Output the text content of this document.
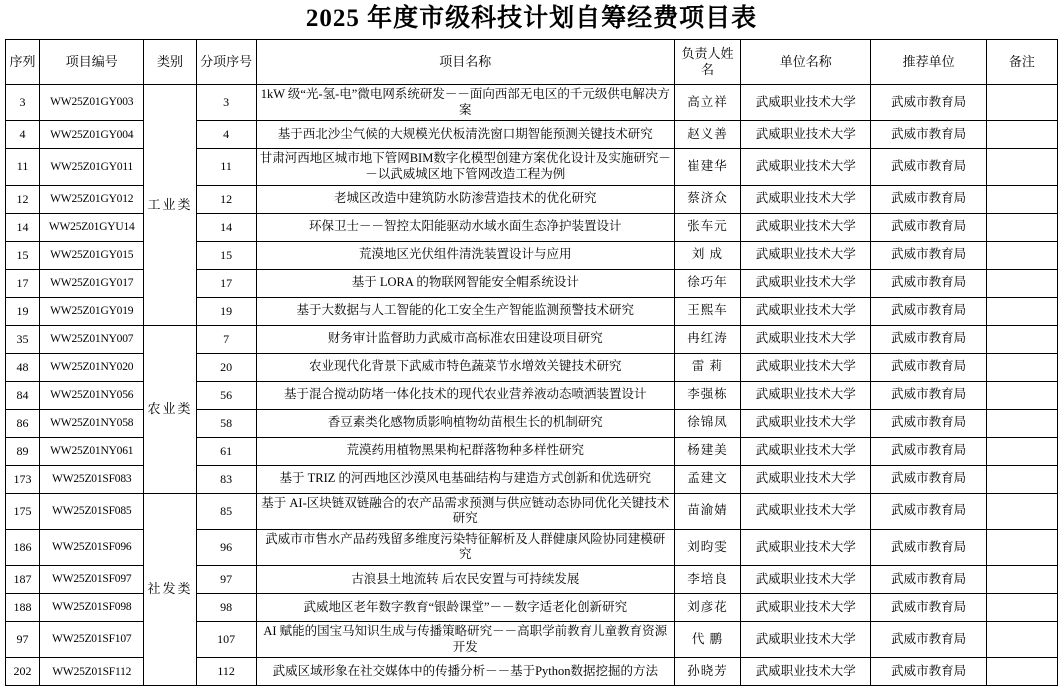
2025 年度市级科技计划自筹经费项目表
序列	项目编号	类别	分项序号	项目名称	负责人姓名	单位名称	推荐单位	备注
3	WW25Z01GY003	工业类	3	1kW 级“光-氢-电”微电网系统研发－－面向西部无电区的千元级供电解决方案	高立祥	武威职业技术大学	武威市教育局	
4	WW25Z01GY004		4	基于西北沙尘气候的大规模光伏板清洗窗口期智能预测关键技术研究	赵义善	武威职业技术大学	武威市教育局	
11	WW25Z01GY011		11	甘肃河西地区城市地下管网BIM数字化模型创建方案优化设计及实施研究－－以武威城区地下管网改造工程为例	崔建华	武威职业技术大学	武威市教育局	
12	WW25Z01GY012		12	老城区改造中建筑防水防渗营造技术的优化研究	蔡济众	武威职业技术大学	武威市教育局	
14	WW25Z01GYU14		14	环保卫士－－智控太阳能驱动水域水面生态净护装置设计	张车元	武威职业技术大学	武威市教育局	
15	WW25Z01GY015		15	荒漠地区光伏组件清洗装置设计与应用	刘 成	武威职业技术大学	武威市教育局	
17	WW25Z01GY017		17	基于 LORA 的物联网智能安全帽系统设计	徐巧年	武威职业技术大学	武威市教育局	
19	WW25Z01GY019		19	基于大数据与人工智能的化工安全生产智能监测预警技术研究	王熙车	武威职业技术大学	武威市教育局	
35	WW25Z01NY007	农业类	7	财务审计监督助力武威市高标准农田建设项目研究	冉红涛	武威职业技术大学	武威市教育局	
48	WW25Z01NY020		20	农业现代化背景下武威市特色蔬菜节水增效关键技术研究	雷 莉	武威职业技术大学	武威市教育局	
84	WW25Z01NY056		56	基于混合搅动防堵一体化技术的现代农业营养液动态喷洒装置设计	李强栋	武威职业技术大学	武威市教育局	
86	WW25Z01NY058		58	香豆素类化感物质影响植物幼苗根生长的机制研究	徐锦凤	武威职业技术大学	武威市教育局	
89	WW25Z01NY061		61	荒漠药用植物黑果枸杞群落物种多样性研究	杨建美	武威职业技术大学	武威市教育局	
173	WW25Z01SF083		83	基于 TRIZ 的河西地区沙漠风电基础结构与建造方式创新和优选研究	孟建文	武威职业技术大学	武威市教育局	
175	WW25Z01SF085	社发类	85	基于 AI-区块链双链融合的农产品需求预测与供应链动态协同优化关键技术研究	苗渝婧	武威职业技术大学	武威市教育局	
186	WW25Z01SF096		96	武威市市售水产品药残留多维度污染特征解析及人群健康风险协同建模研究	刘昀雯	武威职业技术大学	武威市教育局	
187	WW25Z01SF097		97	古浪县土地流转 后农民安置与可持续发展	李培良	武威职业技术大学	武威市教育局	
188	WW25Z01SF098		98	武威地区老年数字教育“银龄课堂”－－数字适老化创新研究	刘彦花	武威职业技术大学	武威市教育局	
97	WW25Z01SF107		107	AI 赋能的国宝马知识生成与传播策略研究－－高职学前教育儿童教育资源开发	代 鹏	武威职业技术大学	武威市教育局	
202	WW25Z01SF112		112	武威区域形象在社交媒体中的传播分析－－基于Python数据挖掘的方法	孙晓芳	武威职业技术大学	武威市教育局	
